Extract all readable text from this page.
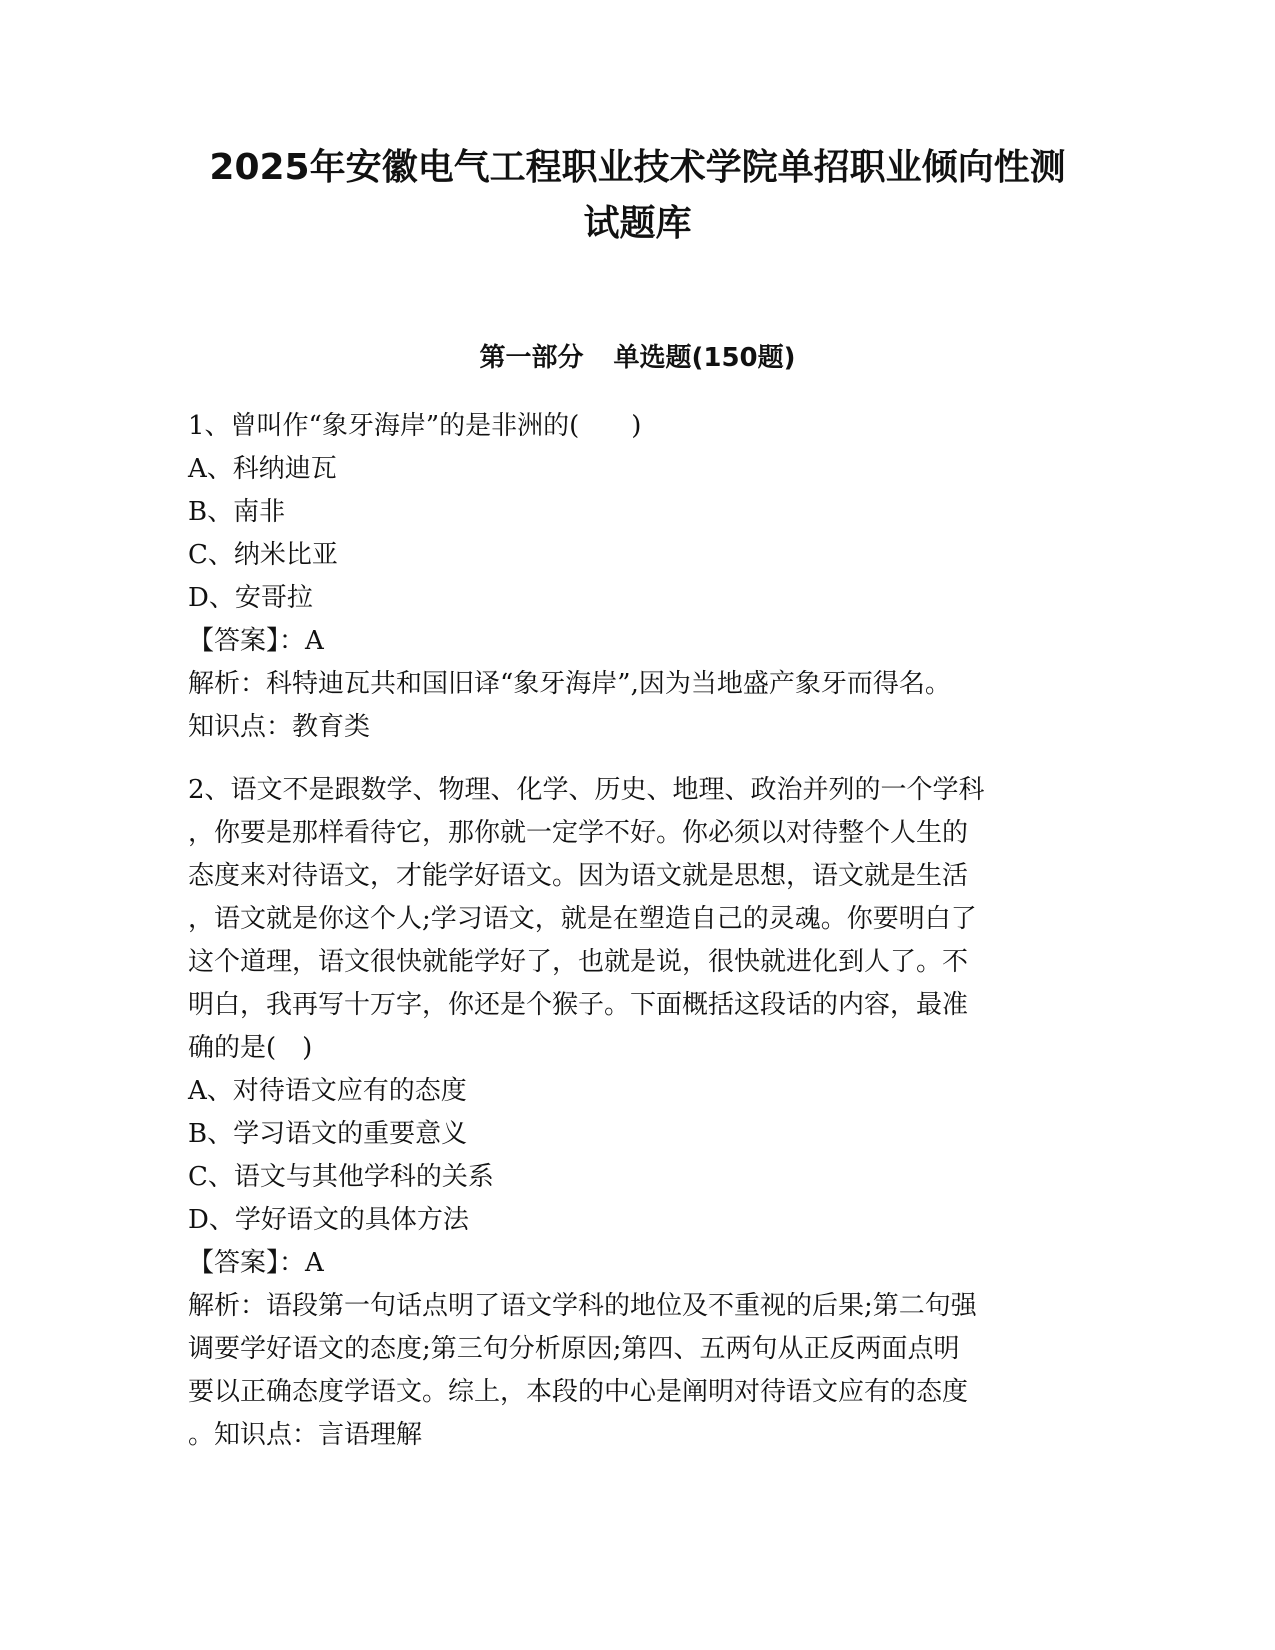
2025年安徽电气工程职业技术学院单招职业倾向性测
试题库
第一部分 单选题(150题)

1、曾叫作“象牙海岸”的是非洲的(　　)

A、科纳迪瓦

B、南非

C、纳米比亚

D、安哥拉

【答案】：A

解析：科特迪瓦共和国旧译“象牙海岸”,因为当地盛产象牙而得名。

知识点：教育类

2、语文不是跟数学、物理、化学、历史、地理、政治并列的一个学科

，你要是那样看待它，那你就一定学不好。你必须以对待整个人生的

态度来对待语文，才能学好语文。因为语文就是思想，语文就是生活

，语文就是你这个人;学习语文，就是在塑造自己的灵魂。你要明白了

这个道理，语文很快就能学好了，也就是说，很快就进化到人了。不

明白，我再写十万字，你还是个猴子。下面概括这段话的内容，最准

确的是(　)

A、对待语文应有的态度

B、学习语文的重要意义

C、语文与其他学科的关系

D、学好语文的具体方法

【答案】：A

解析：语段第一句话点明了语文学科的地位及不重视的后果;第二句强

调要学好语文的态度;第三句分析原因;第四、五两句从正反两面点明

要以正确态度学语文。综上，本段的中心是阐明对待语文应有的态度

。知识点：言语理解
